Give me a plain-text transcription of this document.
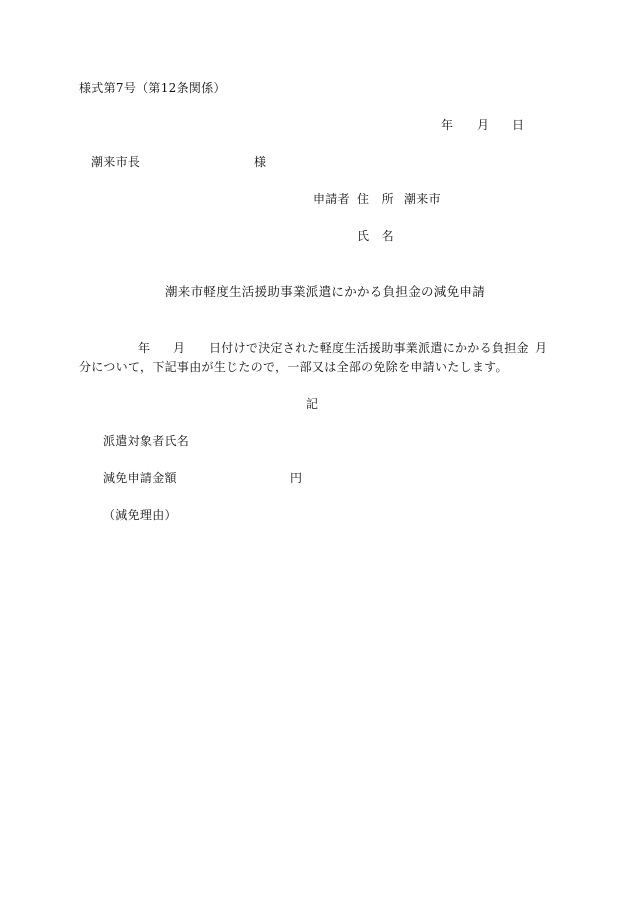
様式第7号（第12条関係）
年 月 日
潮来市長	様
申請者 住　所 潮来市
氏　名
潮来市軽度生活援助事業派遣にかかる負担金の減免申請
年 月 日付けで決定された軽度生活援助事業派遣にかかる負担金 月
分について，下記事由が生じたので，一部又は全部の免除を申請いたします。
記
派遣対象者氏名
減免申請金額	円
（減免理由）
